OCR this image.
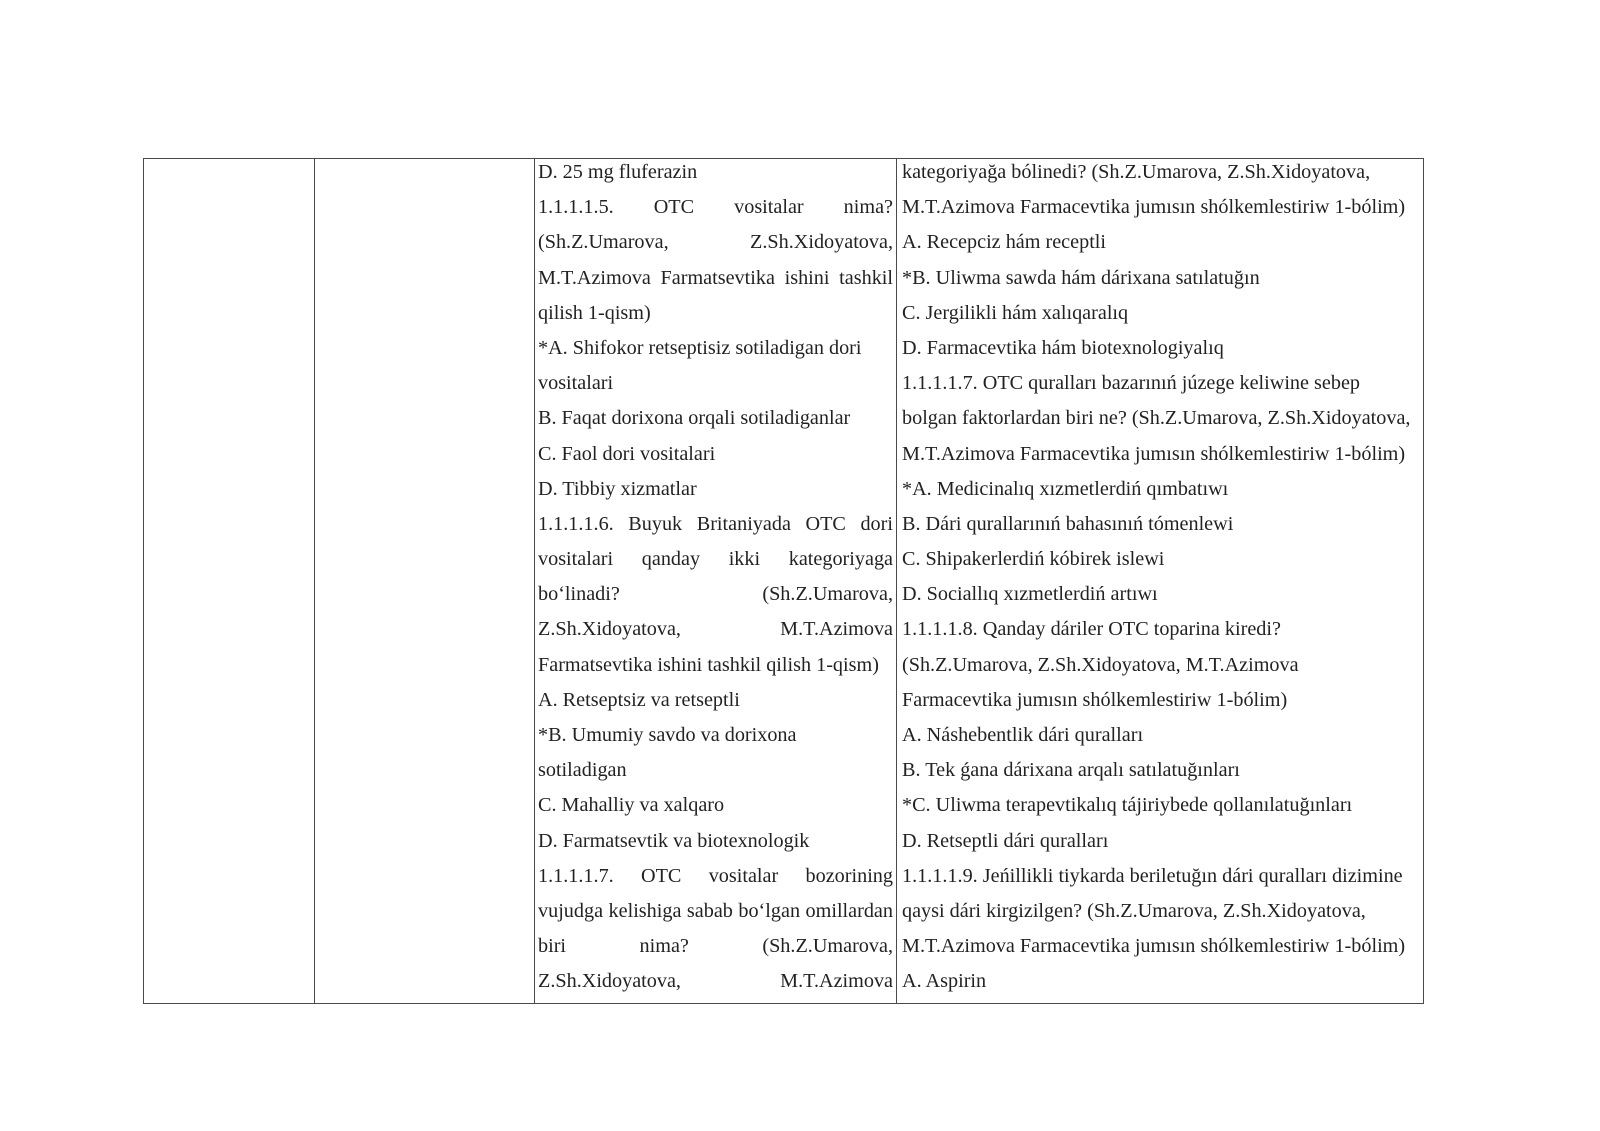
D. 25 mg fluferazin
1.1.1.1.5. OTC vositalar nima?
(Sh.Z.Umarova, Z.Sh.Xidoyatova,
M.T.Azimova Farmatsevtika ishini tashkil
qilish 1-qism)
*A. Shifokor retseptisiz sotiladigan dori
vositalari
B. Faqat dorixona orqali sotiladiganlar
C. Faol dori vositalari
D. Tibbiy xizmatlar
1.1.1.1.6. Buyuk Britaniyada OTC dori
vositalari qanday ikki kategoriyaga
bo‘linadi? (Sh.Z.Umarova,
Z.Sh.Xidoyatova, M.T.Azimova
Farmatsevtika ishini tashkil qilish 1-qism)
A. Retseptsiz va retseptli
*B. Umumiy savdo va dorixona
sotiladigan
C. Mahalliy va xalqaro
D. Farmatsevtik va biotexnologik
1.1.1.1.7. OTC vositalar bozorining
vujudga kelishiga sabab bo‘lgan omillardan
biri nima? (Sh.Z.Umarova,
Z.Sh.Xidoyatova, M.T.Azimova
kategoriyağa bólinedi? (Sh.Z.Umarova, Z.Sh.Xidoyatova,
M.T.Azimova Farmacevtika jumısın shólkemlestiriw 1-bólim)
A. Recepciz hám receptli
*B. Uliwma sawda hám dárixana satılatuğın
C. Jergilikli hám xalıqaralıq
D. Farmacevtika hám biotexnologiyalıq
1.1.1.1.7. OTC quralları bazarınıń júzege keliwine sebep
bolgan faktorlardan biri ne? (Sh.Z.Umarova, Z.Sh.Xidoyatova,
M.T.Azimova Farmacevtika jumısın shólkemlestiriw 1-bólim)
*A. Medicinalıq xızmetlerdiń qımbatıwı
B. Dári qurallarınıń bahasınıń tómenlewi
C. Shipakerlerdiń kóbirek islewi
D. Sociallıq xızmetlerdiń artıwı
1.1.1.1.8. Qanday dáriler OTC toparina kiredi?
(Sh.Z.Umarova, Z.Sh.Xidoyatova, M.T.Azimova
Farmacevtika jumısın shólkemlestiriw 1-bólim)
A. Náshebentlik dári quralları
B. Tek ǵana dárixana arqalı satılatuğınları
*C. Uliwma terapevtikalıq tájiriybede qollanılatuğınları
D. Retseptli dári quralları
1.1.1.1.9. Jeńillikli tiykarda beriletuğın dári quralları dizimine
qaysi dári kirgizilgen? (Sh.Z.Umarova, Z.Sh.Xidoyatova,
M.T.Azimova Farmacevtika jumısın shólkemlestiriw 1-bólim)
A. Aspirin
